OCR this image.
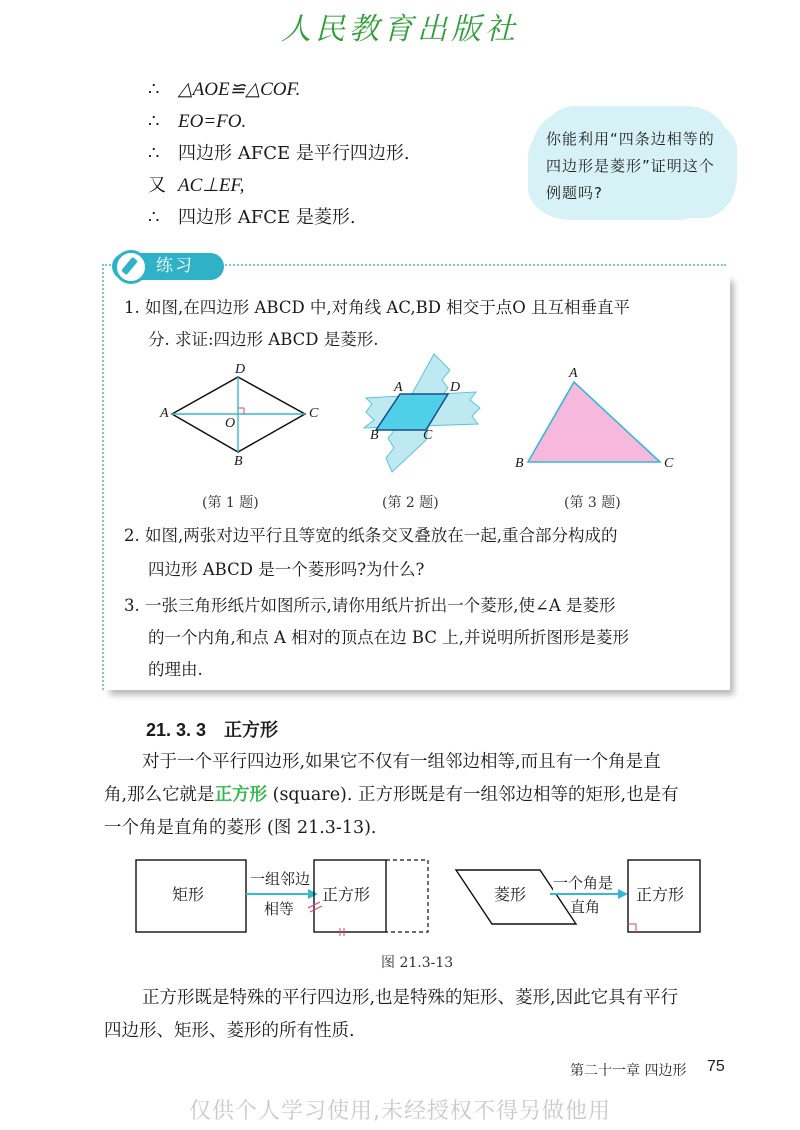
人民教育出版社
∴ △AOE≌△COF.
∴ EO=FO.
∴ 四边形 AFCE 是平行四边形.
又 AC⊥EF,
∴ 四边形 AFCE 是菱形.
你能利用“四条边相等的四边形是菱形”证明这个例题吗?
练习
1. 如图,在四边形 ABCD 中,对角线 AC,BD 相交于点O 且互相垂直平
分. 求证:四边形 ABCD 是菱形.
D
A	C
O
B
(第 1 题)
A	D
B	C
(第 2 题)
A
B	C
(第 3 题)
2. 如图,两张对边平行且等宽的纸条交叉叠放在一起,重合部分构成的
四边形 ABCD 是一个菱形吗?为什么?
3. 一张三角形纸片如图所示,请你用纸片折出一个菱形,使∠A 是菱形
的一个内角,和点 A 相对的顶点在边 BC 上,并说明所折图形是菱形
的理由.
21. 3. 3 正方形
对于一个平行四边形,如果它不仅有一组邻边相等,而且有一个角是直
角,那么它就是正方形 (square). 正方形既是有一组邻边相等的矩形,也是有
一个角是直角的菱形 (图 21.3-13).
矩形
一组邻边
相等
正方形	菱形
一个角是
直角
正方形
图 21.3-13
正方形既是特殊的平行四边形,也是特殊的矩形、菱形,因此它具有平行
四边形、矩形、菱形的所有性质.
第二十一章 四边形 75
仅供个人学习使用,未经授权不得另做他用
